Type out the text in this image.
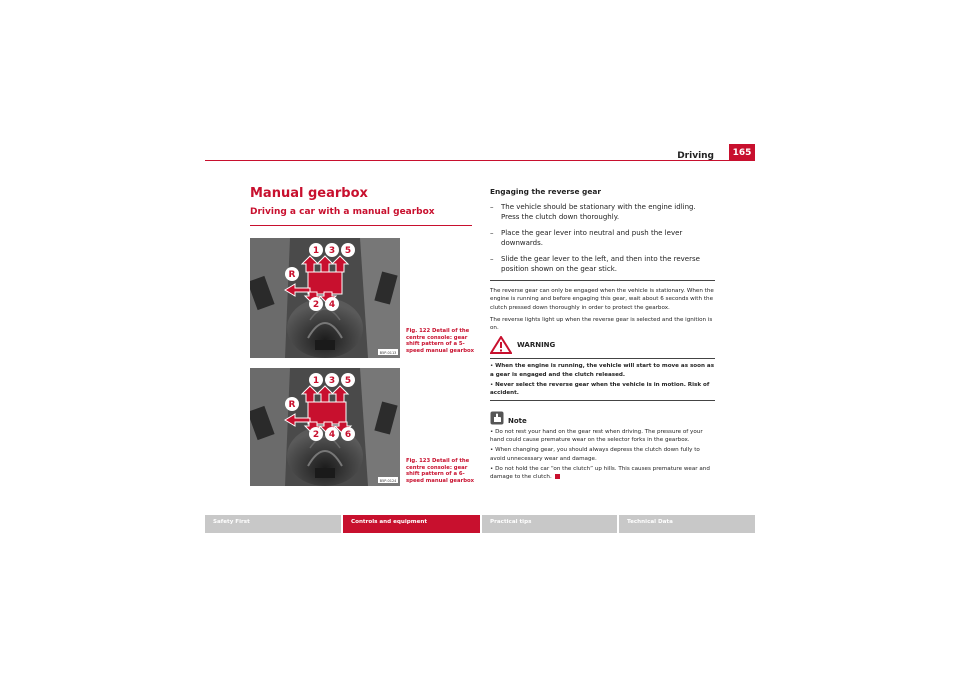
Driving	165
Manual gearbox
Driving a car with a manual gearbox
1 3 5
R
2 4
B5P-0113
Fig. 122 Detail of the centre console: gear shift pattern of a 5-speed manual gearbox
1 3 5
R
2 4 6
B5P-0124
Fig. 123 Detail of the centre console: gear shift pattern of a 6-speed manual gearbox
Engaging the reverse gear
– The vehicle should be stationary with the engine idling. Press the clutch down thoroughly.
– Place the gear lever into neutral and push the lever downwards.
– Slide the gear lever to the left, and then into the reverse position shown on the gear stick.
The reverse gear can only be engaged when the vehicle is stationary. When the engine is running and before engaging this gear, wait about 6 seconds with the clutch pressed down thoroughly in order to protect the gearbox.
The reverse lights light up when the reverse gear is selected and the ignition is on.
WARNING
• When the engine is running, the vehicle will start to move as soon as a gear is engaged and the clutch released.
• Never select the reverse gear when the vehicle is in motion. Risk of accident.
Note
• Do not rest your hand on the gear rest when driving. The pressure of your hand could cause premature wear on the selector forks in the gearbox.
• When changing gear, you should always depress the clutch down fully to avoid unnecessary wear and damage.
• Do not hold the car “on the clutch” up hills. This causes premature wear and damage to the clutch.
Safety First	Controls and equipment	Practical tips	Technical Data
